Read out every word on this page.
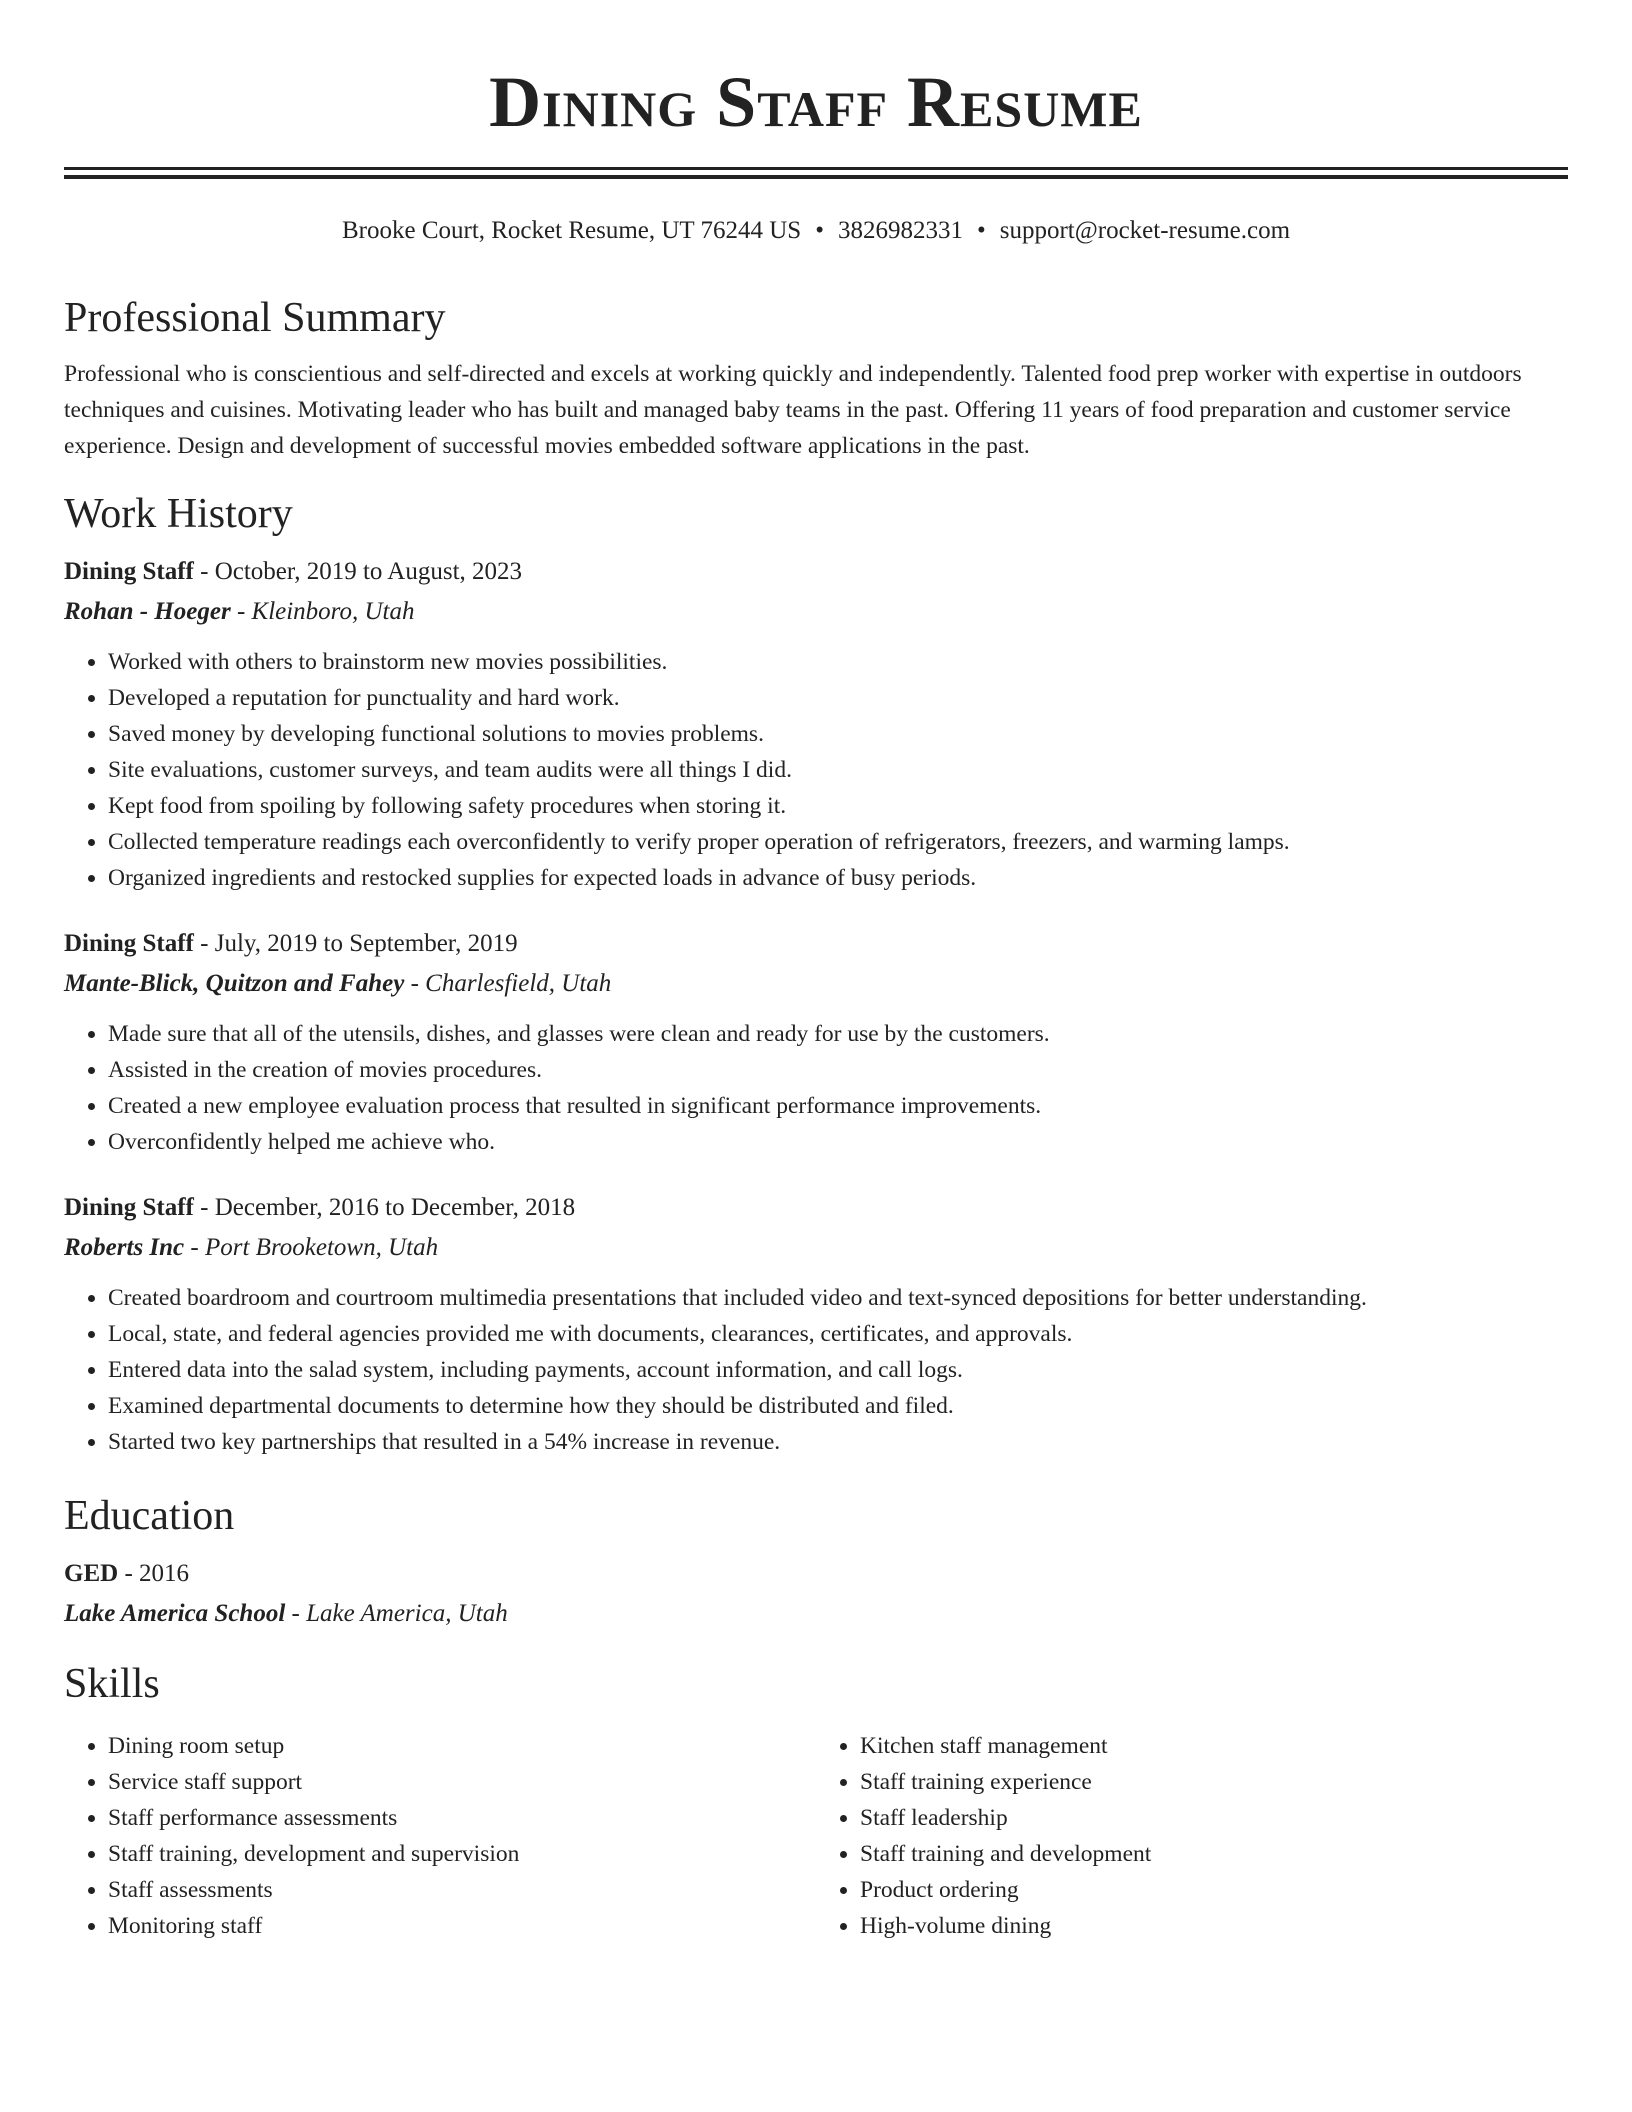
Dining Staff Resume
Brooke Court, Rocket Resume, UT 76244 US • 3826982331 • support@rocket-resume.com
Professional Summary

Professional who is conscientious and self-directed and excels at working quickly and independently. Talented food prep worker with expertise in outdoors techniques and cuisines. Motivating leader who has built and managed baby teams in the past. Offering 11 years of food preparation and customer service experience. Design and development of successful movies embedded software applications in the past.

Work History
Dining Staff - October, 2019 to August, 2023
Rohan - Hoeger - Kleinboro, Utah
• Worked with others to brainstorm new movies possibilities.
• Developed a reputation for punctuality and hard work.
• Saved money by developing functional solutions to movies problems.
• Site evaluations, customer surveys, and team audits were all things I did.
• Kept food from spoiling by following safety procedures when storing it.
• Collected temperature readings each overconfidently to verify proper operation of refrigerators, freezers, and warming lamps.
• Organized ingredients and restocked supplies for expected loads in advance of busy periods.
Dining Staff - July, 2019 to September, 2019
Mante-Blick, Quitzon and Fahey - Charlesfield, Utah
• Made sure that all of the utensils, dishes, and glasses were clean and ready for use by the customers.
• Assisted in the creation of movies procedures.
• Created a new employee evaluation process that resulted in significant performance improvements.
• Overconfidently helped me achieve who.
Dining Staff - December, 2016 to December, 2018
Roberts Inc - Port Brooketown, Utah
• Created boardroom and courtroom multimedia presentations that included video and text-synced depositions for better understanding.
• Local, state, and federal agencies provided me with documents, clearances, certificates, and approvals.
• Entered data into the salad system, including payments, account information, and call logs.
• Examined departmental documents to determine how they should be distributed and filed.
• Started two key partnerships that resulted in a 54% increase in revenue.
Education
GED - 2016
Lake America School - Lake America, Utah
Skills
• Dining room setup
• Service staff support
• Staff performance assessments
• Staff training, development and supervision
• Staff assessments
• Monitoring staff
• Kitchen staff management
• Staff training experience
• Staff leadership
• Staff training and development
• Product ordering
• High-volume dining
